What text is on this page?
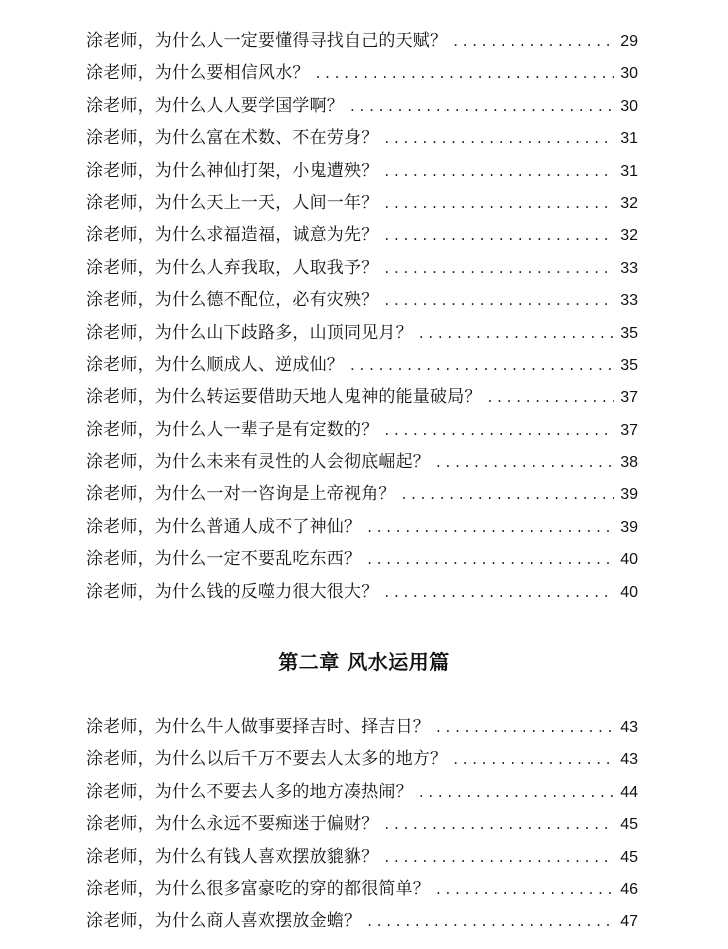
涂老师，为什么人一定要懂得寻找自己的天赋？ . . .	29
涂老师，为什么要相信风水？ . . .	30
涂老师，为什么人人要学国学啊？ . . .	30
涂老师，为什么富在术数、不在劳身？ . . .	31
涂老师，为什么神仙打架，小鬼遭殃？ . . .	31
涂老师，为什么天上一天，人间一年？ . . .	32
涂老师，为什么求福造福，诚意为先？ . . .	32
涂老师，为什么人弃我取，人取我予？ . . .	33
涂老师，为什么德不配位，必有灾殃？ . . .	33
涂老师，为什么山下歧路多，山顶同见月？ . . .	35
涂老师，为什么顺成人、逆成仙？ . . .	35
涂老师，为什么转运要借助天地人鬼神的能量破局？ . . .	37
涂老师，为什么人一辈子是有定数的？ . . .	37
涂老师，为什么未来有灵性的人会彻底崛起？ . . .	38
涂老师，为什么一对一咨询是上帝视角？ . . .	39
涂老师，为什么普通人成不了神仙？ . . .	39
涂老师，为什么一定不要乱吃东西？ . . .	40
涂老师，为什么钱的反噬力很大很大？ . . .	40
第二章 风水运用篇
涂老师，为什么牛人做事要择吉时、择吉日？ . . .	43
涂老师，为什么以后千万不要去人太多的地方？ . . .	43
涂老师，为什么不要去人多的地方凑热闹？ . . .	44
涂老师，为什么永远不要痴迷于偏财？ . . .	45
涂老师，为什么有钱人喜欢摆放貔貅？ . . .	45
涂老师，为什么很多富豪吃的穿的都很简单？ . . .	46
涂老师，为什么商人喜欢摆放金蟾？ . . .	47
